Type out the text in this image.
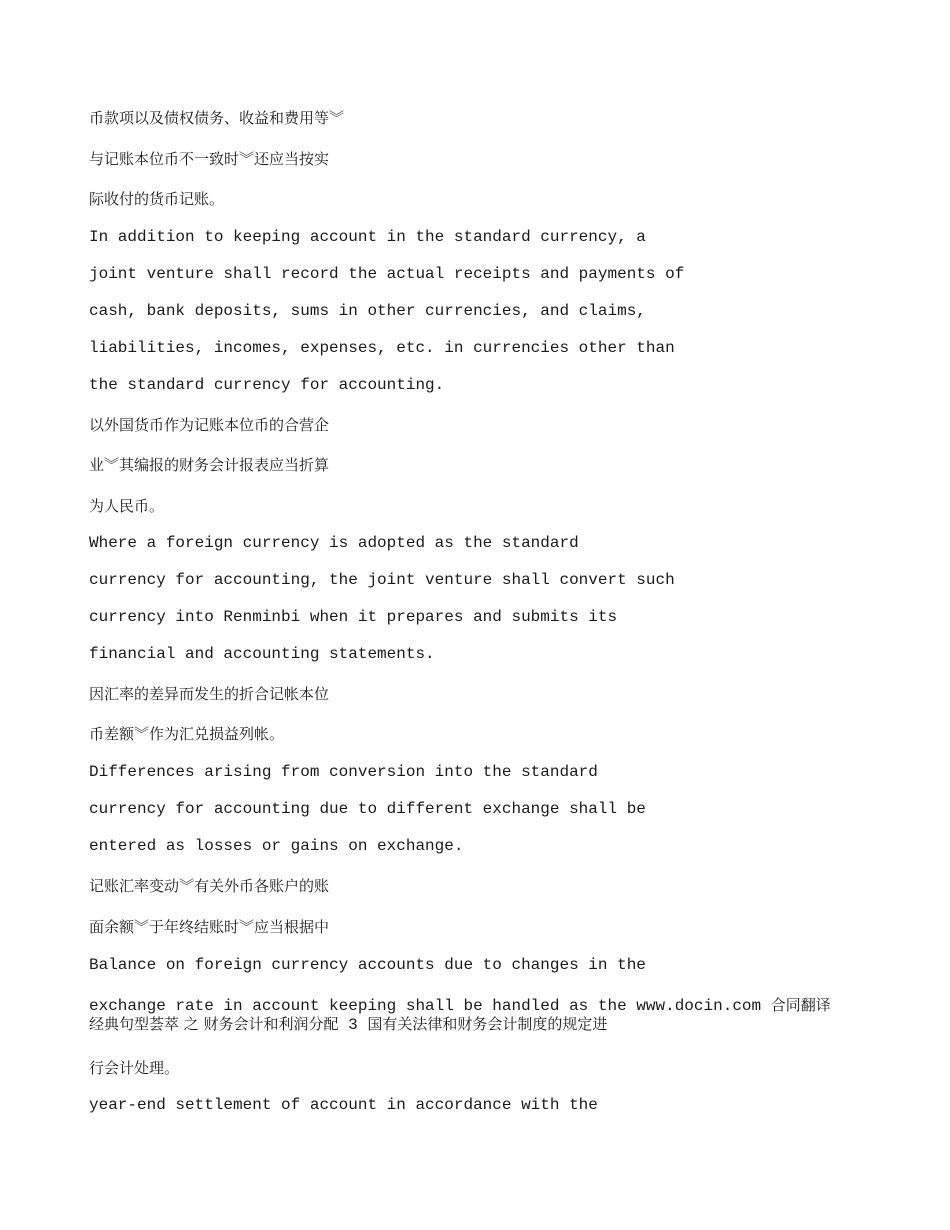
币款项以及债权债务、收益和费用等︾
与记账本位币不一致时︾还应当按实
际收付的货币记账。
In addition to keeping account in the standard currency, a
joint venture shall record the actual receipts and payments of
cash, bank deposits, sums in other currencies, and claims,
liabilities, incomes, expenses, etc. in currencies other than
the standard currency for accounting.
以外国货币作为记账本位币的合营企
业︾其编报的财务会计报表应当折算
为人民币。
Where a foreign currency is adopted as the standard
currency for accounting, the joint venture shall convert such
currency into Renminbi when it prepares and submits its
financial and accounting statements.
因汇率的差异而发生的折合记帐本位
币差额︾作为汇兑损益列帐。
Differences arising from conversion into the standard
currency for accounting due to different exchange shall be
entered as losses or gains on exchange.
记账汇率变动︾有关外币各账户的账
面余额︾于年终结账时︾应当根据中
Balance on foreign currency accounts due to changes in the
exchange rate in account keeping shall be handled as the www.docin.com 合同翻译
经典句型荟萃 之 财务会计和利润分配 3 国有关法律和财务会计制度的规定进
行会计处理。
year-end settlement of account in accordance with the
